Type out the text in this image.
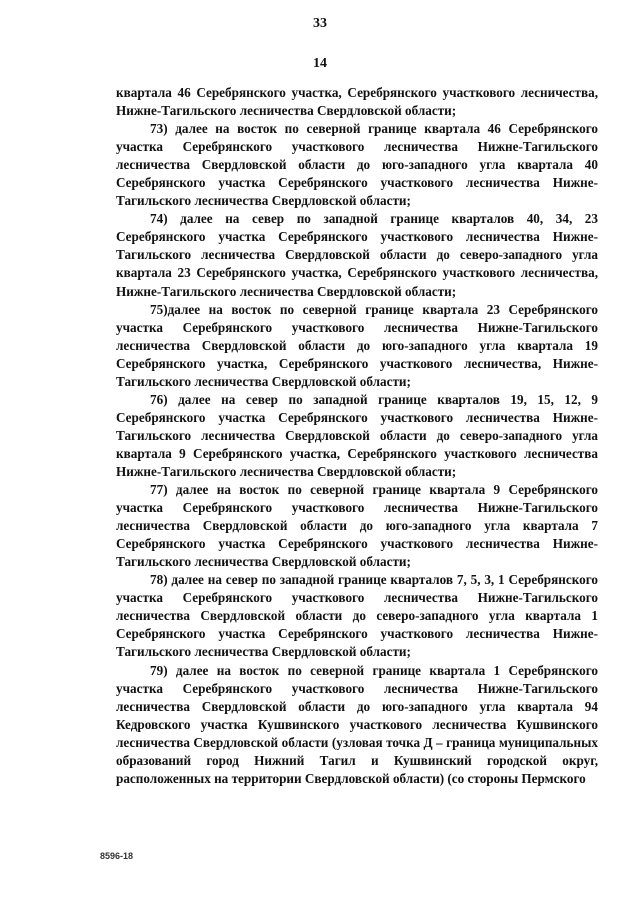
33
14

квартала 46 Серебрянского участка, Серебрянского участкового лесничества, Нижне-Тагильского лесничества Свердловской области;

73) далее на восток по северной границе квартала 46 Серебрянского участка Серебрянского участкового лесничества Нижне-Тагильского лесничества Свердловской области до юго-западного угла квартала 40 Серебрянского участка Серебрянского участкового лесничества Нижне-Тагильского лесничества Свердловской области;

74) далее на север по западной границе кварталов 40, 34, 23 Серебрянского участка Серебрянского участкового лесничества Нижне-Тагильского лесничества Свердловской области до северо-западного угла квартала 23 Серебрянского участка, Серебрянского участкового лесничества, Нижне-Тагильского лесничества Свердловской области;

75)далее на восток по северной границе квартала 23 Серебрянского участка Серебрянского участкового лесничества Нижне-Тагильского лесничества Свердловской области до юго-западного угла квартала 19 Серебрянского участка, Серебрянского участкового лесничества, Нижне-Тагильского лесничества Свердловской области;

76) далее на север по западной границе кварталов 19, 15, 12, 9 Серебрянского участка Серебрянского участкового лесничества Нижне-Тагильского лесничества Свердловской области до северо-западного угла квартала 9 Серебрянского участка, Серебрянского участкового лесничества Нижне-Тагильского лесничества Свердловской области;

77) далее на восток по северной границе квартала 9 Серебрянского участка Серебрянского участкового лесничества Нижне-Тагильского лесничества Свердловской области до юго-западного угла квартала 7 Серебрянского участка Серебрянского участкового лесничества Нижне-Тагильского лесничества Свердловской области;

78) далее на север по западной границе кварталов 7, 5, 3, 1 Серебрянского участка Серебрянского участкового лесничества Нижне-Тагильского лесничества Свердловской области до северо-западного угла квартала 1 Серебрянского участка Серебрянского участкового лесничества Нижне-Тагильского лесничества Свердловской области;

79) далее на восток по северной границе квартала 1 Серебрянского участка Серебрянского участкового лесничества Нижне-Тагильского лесничества Свердловской области до юго-западного угла квартала 94 Кедровского участка Кушвинского участкового лесничества Кушвинского лесничества Свердловской области (узловая точка Д – граница муниципальных образований город Нижний Тагил и Кушвинский городской округ, расположенных на территории Свердловской области) (со стороны Пермского

8596-18
